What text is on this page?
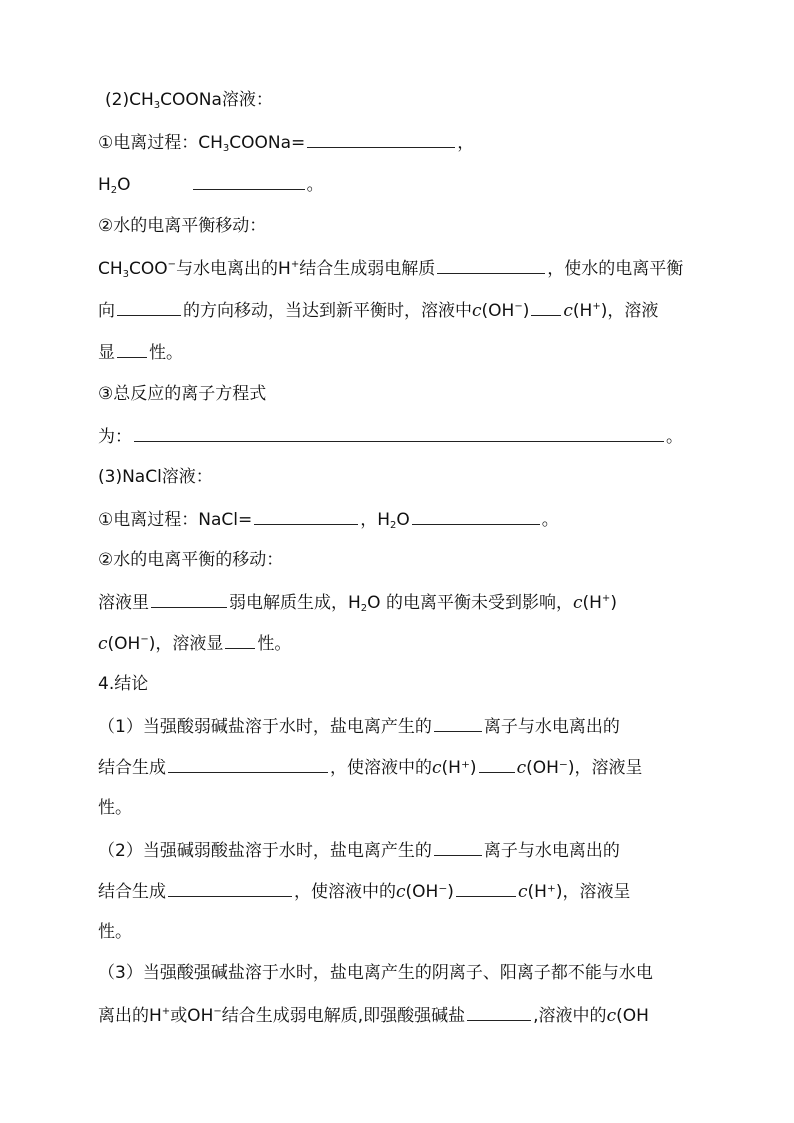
$(2)CH_3COONa$溶液：
①电离过程：$CH_3COONa=$	，
$H_2O$	。
②水的电离平衡移动：
$CH_3COO^-$与水电离出的H+结合生成弱电解质	，使水的电离平衡
向	的方向移动，当达到新平衡时，溶液中c(OH−) c(H+)，溶液
显 性。
③总反应的离子方程式
为：	。
(3)NaCl溶液：
①电离过程：NaCl=	，$H_2O$	。
②水的电离平衡的移动：
溶液里	弱电解质生成，$H_2O$ 的电离平衡未受到影响，c(H+)
c(OH−)，溶液显 性。
4.结论
（1）当强酸弱碱盐溶于水时，盐电离产生的	离子与水电离出的
结合生成	，使溶液中的c(H⁺) c(OH⁻)，溶液呈
性。
（2）当强碱弱酸盐溶于水时，盐电离产生的	离子与水电离出的
结合生成	，使溶液中的c(OH⁻)	c(H⁺)，溶液呈
性。
（3）当强酸强碱盐溶于水时，盐电离产生的阴离子、阳离子都不能与水电
离出的H+或OH−结合生成弱电解质,即强酸强碱盐	,溶液中的c(OH
